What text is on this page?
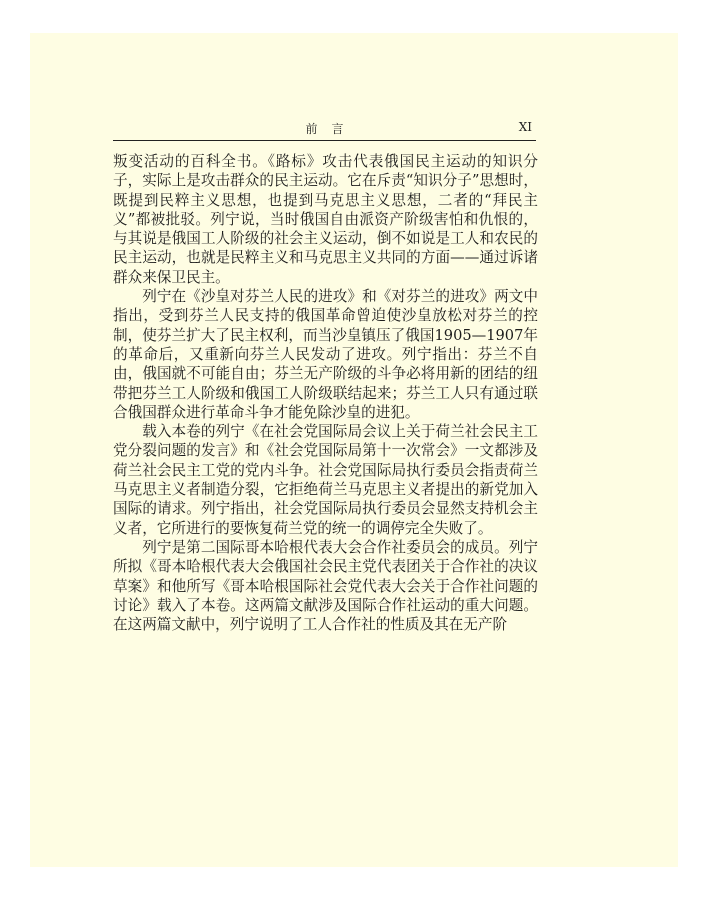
前言	XI

叛变活动的百科全书。《路标》攻击代表俄国民主运动的知识分子，实际上是攻击群众的民主运动。它在斥责“知识分子”思想时，既提到民粹主义思想，也提到马克思主义思想，二者的“拜民主义”都被批驳。列宁说，当时俄国自由派资产阶级害怕和仇恨的，与其说是俄国工人阶级的社会主义运动，倒不如说是工人和农民的民主运动，也就是民粹主义和马克思主义共同的方面——通过诉诸群众来保卫民主。

列宁在《沙皇对芬兰人民的进攻》和《对芬兰的进攻》两文中指出，受到芬兰人民支持的俄国革命曾迫使沙皇放松对芬兰的控制，使芬兰扩大了民主权利，而当沙皇镇压了俄国1905—1907年的革命后，又重新向芬兰人民发动了进攻。列宁指出：芬兰不自由，俄国就不可能自由；芬兰无产阶级的斗争必将用新的团结的纽带把芬兰工人阶级和俄国工人阶级联结起来；芬兰工人只有通过联合俄国群众进行革命斗争才能免除沙皇的进犯。

载入本卷的列宁《在社会党国际局会议上关于荷兰社会民主工党分裂问题的发言》和《社会党国际局第十一次常会》一文都涉及荷兰社会民主工党的党内斗争。社会党国际局执行委员会指责荷兰马克思主义者制造分裂，它拒绝荷兰马克思主义者提出的新党加入国际的请求。列宁指出，社会党国际局执行委员会显然支持机会主义者，它所进行的要恢复荷兰党的统一的调停完全失败了。

列宁是第二国际哥本哈根代表大会合作社委员会的成员。列宁所拟《哥本哈根代表大会俄国社会民主党代表团关于合作社的决议草案》和他所写《哥本哈根国际社会党代表大会关于合作社问题的讨论》载入了本卷。这两篇文献涉及国际合作社运动的重大问题。在这两篇文献中，列宁说明了工人合作社的性质及其在无产阶
